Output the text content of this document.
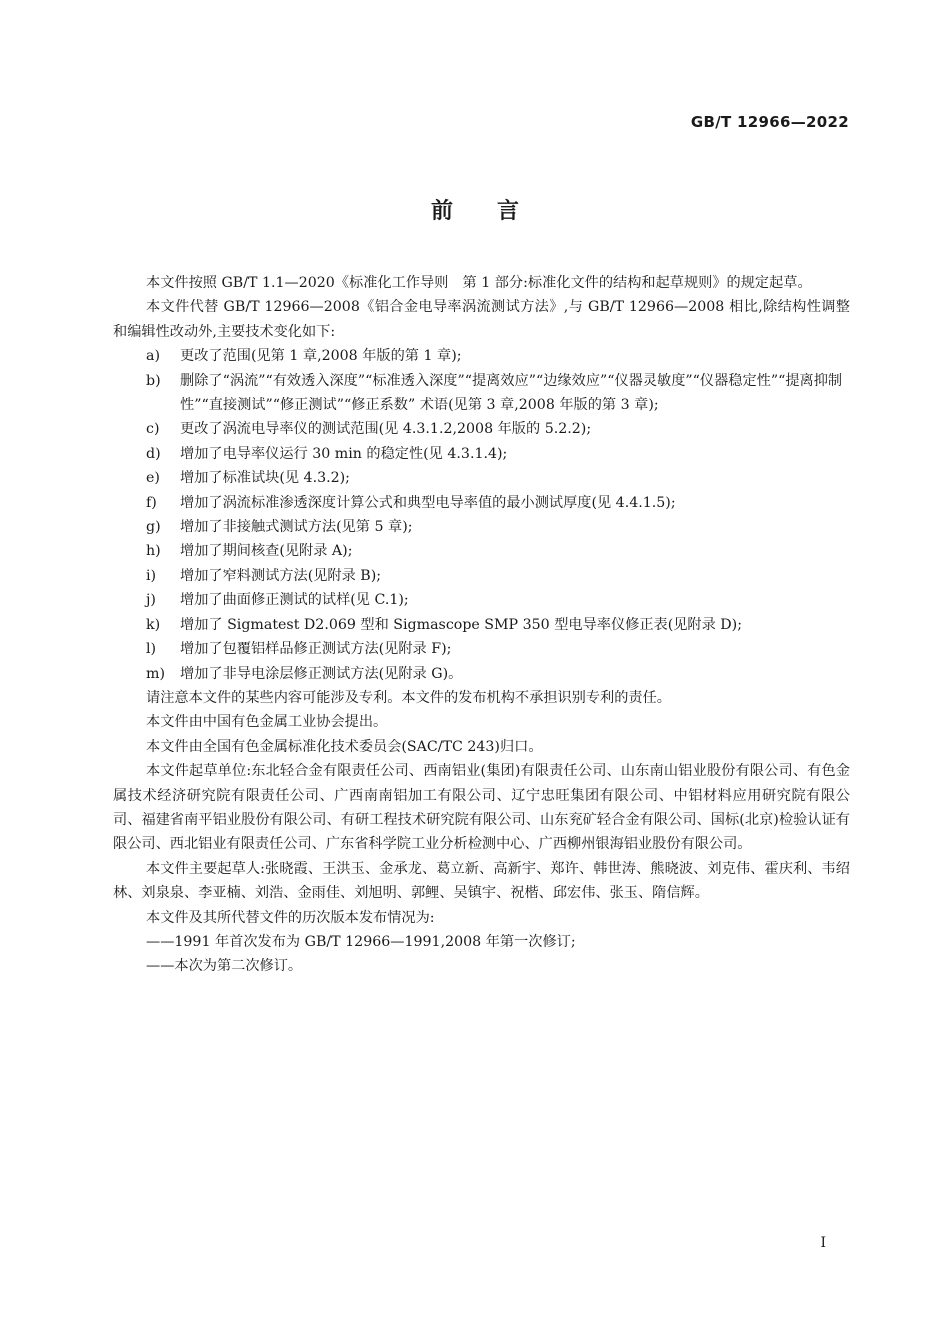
GB/T 12966—2022
前言

本文件按照 GB/T 1.1—2020《标准化工作导则　第 1 部分:标准化文件的结构和起草规则》的规定起草。

本文件代替 GB/T 12966—2008《铝合金电导率涡流测试方法》,与 GB/T 12966—2008 相比,除结构性调整和编辑性改动外,主要技术变化如下:

a) 更改了范围(见第 1 章,2008 年版的第 1 章);
b) 删除了“涡流”“有效透入深度”“标准透入深度”“提离效应”“边缘效应”“仪器灵敏度”“仪器稳定性”“提离抑制性”“直接测试”“修正测试”“修正系数” 术语(见第 3 章,2008 年版的第 3 章);
c) 更改了涡流电导率仪的测试范围(见 4.3.1.2,2008 年版的 5.2.2);
d) 增加了电导率仪运行 30 min 的稳定性(见 4.3.1.4);
e) 增加了标准试块(见 4.3.2);
f) 增加了涡流标准渗透深度计算公式和典型电导率值的最小测试厚度(见 4.4.1.5);
g) 增加了非接触式测试方法(见第 5 章);
h) 增加了期间核查(见附录 A);
i) 增加了窄料测试方法(见附录 B);
j) 增加了曲面修正测试的试样(见 C.1);
k) 增加了 Sigmatest D2.069 型和 Sigmascope SMP 350 型电导率仪修正表(见附录 D);
l) 增加了包覆铝样品修正测试方法(见附录 F);
m) 增加了非导电涂层修正测试方法(见附录 G)。

请注意本文件的某些内容可能涉及专利。本文件的发布机构不承担识别专利的责任。

本文件由中国有色金属工业协会提出。

本文件由全国有色金属标准化技术委员会(SAC/TC 243)归口。

本文件起草单位:东北轻合金有限责任公司、西南铝业(集团)有限责任公司、山东南山铝业股份有限公司、有色金属技术经济研究院有限责任公司、广西南南铝加工有限公司、辽宁忠旺集团有限公司、中铝材料应用研究院有限公司、福建省南平铝业股份有限公司、有研工程技术研究院有限公司、山东兖矿轻合金有限公司、国标(北京)检验认证有限公司、西北铝业有限责任公司、广东省科学院工业分析检测中心、广西柳州银海铝业股份有限公司。

本文件主要起草人:张晓霞、王洪玉、金承龙、葛立新、高新宇、郑许、韩世涛、熊晓波、刘克伟、霍庆利、韦绍林、刘泉泉、李亚楠、刘浩、金雨佳、刘旭明、郭鲤、吴镇宇、祝楷、邱宏伟、张玉、隋信辉。

本文件及其所代替文件的历次版本发布情况为:

——1991 年首次发布为 GB/T 12966—1991,2008 年第一次修订;

——本次为第二次修订。

I
